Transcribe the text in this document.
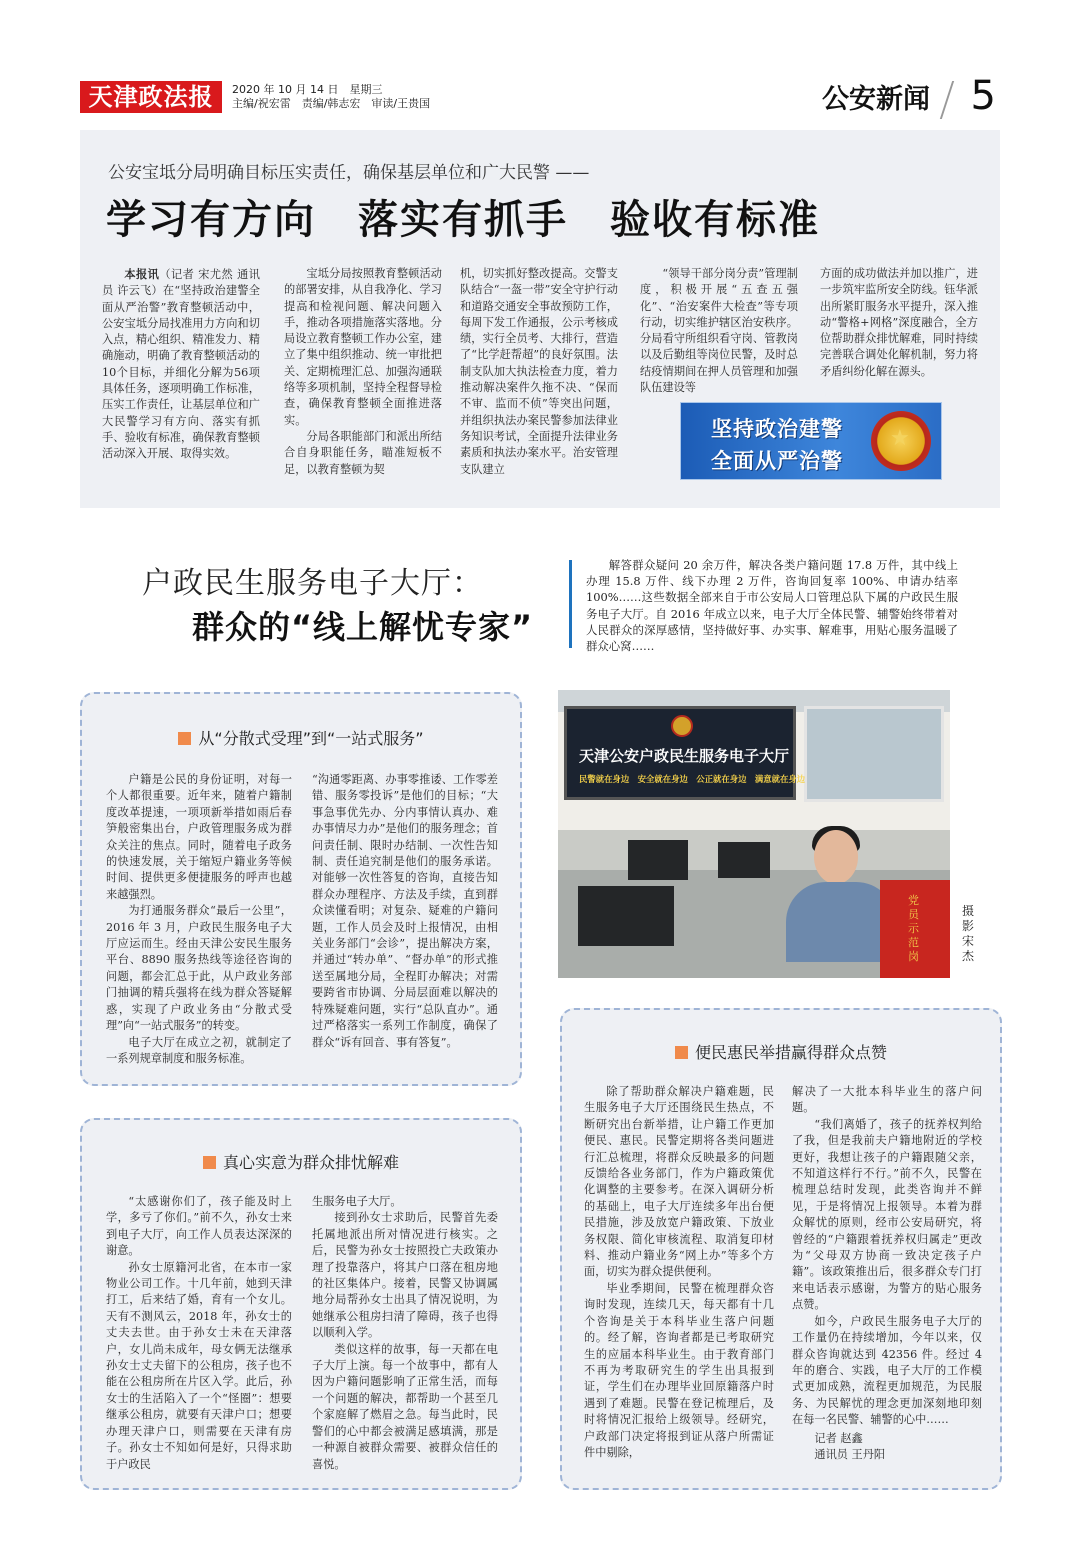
天津政法报	2020 年 10 月 14 日　星期三
主编/祝宏雷　责编/韩志宏　审读/王贵国	公安新闻 5
公安宝坻分局明确目标压实责任，确保基层单位和广大民警 ——
学习有方向　落实有抓手　验收有标准

本报讯（记者 宋尤然 通讯员 许云飞）在“坚持政治建警全面从严治警”教育整顿活动中，公安宝坻分局找准用力方向和切入点，精心组织、精准发力、精确施动，明确了教育整顿活动的10个目标，并细化分解为56项具体任务，逐项明确工作标准，压实工作责任，让基层单位和广大民警学习有方向、落实有抓手、验收有标准，确保教育整顿活动深入开展、取得实效。

宝坻分局按照教育整顿活动的部署安排，从自我净化、学习提高和检视问题、解决问题入手，推动各项措施落实落地。分局设立教育整顿工作办公室，建立了集中组织推动、统一审批把关、定期梳理汇总、加强沟通联络等多项机制，坚持全程督导检查，确保教育整顿全面推进落实。

分局各职能部门和派出所结合自身职能任务，瞄准短板不足，以教育整顿为契

机，切实抓好整改提高。交警支队结合“一盔一带”安全守护行动和道路交通安全事故预防工作，每周下发工作通报，公示考核成绩，实行全员考、大排行，营造了“比学赶帮超”的良好氛围。法制支队加大执法检查力度，着力推动解决案件久拖不决、“保而不审、监而不侦”等突出问题，并组织执法办案民警参加法律业务知识考试，全面提升法律业务素质和执法办案水平。治安管理支队建立

“领导干部分岗分责”管理制度，积极开展“五查五强化”、“治安案件大检查”等专项行动，切实维护辖区治安秩序。分局看守所组织看守岗、管教岗以及后勤组等岗位民警，及时总结疫情期间在押人员管理和加强队伍建设等

方面的成功做法并加以推广，进一步筑牢监所安全防线。钰华派出所紧盯服务水平提升，深入推动“警格+网格”深度融合，全方位帮助群众排忧解难，同时持续完善联合调处化解机制，努力将矛盾纠纷化解在源头。

坚持政治建警
全面从严治警
★
户政民生服务电子大厅：
群众的“线上解忧专家”

解答群众疑问 20 余万件，解决各类户籍问题 17.8 万件，其中线上办理 15.8 万件、线下办理 2 万件，咨询回复率 100%、申请办结率 100%……这些数据全部来自于市公安局人口管理总队下属的户政民生服务电子大厅。自 2016 年成立以来，电子大厅全体民警、辅警始终带着对人民群众的深厚感情，坚持做好事、办实事、解难事，用贴心服务温暖了群众心窝……

从“分散式受理”到“一站式服务”

户籍是公民的身份证明，对每一个人都很重要。近年来，随着户籍制度改革提速，一项项新举措如雨后春笋般密集出台，户政管理服务成为群众关注的焦点。同时，随着电子政务的快速发展，关于缩短户籍业务等候时间、提供更多便捷服务的呼声也越来越强烈。

为打通服务群众“最后一公里”，2016 年 3 月，户政民生服务电子大厅应运而生。经由天津公安民生服务平台、8890 服务热线等途径咨询的问题，都会汇总于此，从户政业务部门抽调的精兵强将在线为群众答疑解惑，实现了户政业务由“分散式受理”向“一站式服务”的转变。

电子大厅在成立之初，就制定了一系列规章制度和服务标准。

“沟通零距离、办事零推诿、工作零差错、服务零投诉”是他们的目标；“大事急事优先办、分内事情认真办、难办事情尽力办”是他们的服务理念；首问责任制、限时办结制、一次性告知制、责任追究制是他们的服务承诺。对能够一次性答复的咨询，直接告知群众办理程序、方法及手续，直到群众读懂看明；对复杂、疑难的户籍问题，工作人员会及时上报情况，由相关业务部门“会诊”，提出解决方案，并通过“转办单”、“督办单”的形式推送至属地分局，全程盯办解决；对需要跨省市协调、分局层面难以解决的特殊疑难问题，实行“总队直办”。通过严格落实一系列工作制度，确保了群众“诉有回音、事有答复”。

天津公安户政民生服务电子大厅
民警就在身边　安全就在身边　公正就在身边　满意就在身边
党员示范岗
摄影　宋杰
真心实意为群众排忧解难

“太感谢你们了，孩子能及时上学，多亏了你们。”前不久，孙女士来到电子大厅，向工作人员表达深深的谢意。

孙女士原籍河北省，在本市一家物业公司工作。十几年前，她到天津打工，后来结了婚，育有一个女儿。天有不测风云，2018 年，孙女士的丈夫去世。由于孙女士未在天津落户，女儿尚未成年，母女俩无法继承孙女士丈夫留下的公租房，孩子也不能在公租房所在片区入学。此后，孙女士的生活陷入了一个“怪圈”：想要继承公租房，就要有天津户口；想要办理天津户口，则需要在天津有房子。孙女士不知如何是好，只得求助于户政民

生服务电子大厅。

接到孙女士求助后，民警首先委托属地派出所对情况进行核实。之后，民警为孙女士按照投亡夫政策办理了投靠落户，将其户口落在租房地的社区集体户。接着，民警又协调属地分局帮孙女士出具了情况说明，为她继承公租房扫清了障碍，孩子也得以顺利入学。

类似这样的故事，每一天都在电子大厅上演。每一个故事中，都有人因为户籍问题影响了正常生活，而每一个问题的解决，都帮助一个甚至几个家庭解了燃眉之急。每当此时，民警们的心中都会被满足感填满，那是一种源自被群众需要、被群众信任的喜悦。

便民惠民举措赢得群众点赞

除了帮助群众解决户籍难题，民生服务电子大厅还围绕民生热点，不断研究出台新举措，让户籍工作更加便民、惠民。民警定期将各类问题进行汇总梳理，将群众反映最多的问题反馈给各业务部门，作为户籍政策优化调整的主要参考。在深入调研分析的基础上，电子大厅连续多年出台便民措施，涉及放宽户籍政策、下放业务权限、简化审核流程、取消复印材料、推动户籍业务“网上办”等多个方面，切实为群众提供便利。

毕业季期间，民警在梳理群众咨询时发现，连续几天，每天都有十几个咨询是关于本科毕业生落户问题的。经了解，咨询者都是已考取研究生的应届本科毕业生。由于教育部门不再为考取研究生的学生出具报到证，学生们在办理毕业回原籍落户时遇到了难题。民警在登记梳理后，及时将情况汇报给上级领导。经研究，户政部门决定将报到证从落户所需证件中剔除，

解决了一大批本科毕业生的落户问题。

“我们离婚了，孩子的抚养权判给了我，但是我前夫户籍地附近的学校更好，我想让孩子的户籍跟随父亲，不知道这样行不行。”前不久，民警在梳理总结时发现，此类咨询并不鲜见，于是将情况上报领导。本着为群众解忧的原则，经市公安局研究，将曾经的“户籍跟着抚养权归属走”更改为“父母双方协商一致决定孩子户籍”。该政策推出后，很多群众专门打来电话表示感谢，为警方的贴心服务点赞。

如今，户政民生服务电子大厅的工作量仍在持续增加，今年以来，仅群众咨询就达到 42356 件。经过 4 年的磨合、实践，电子大厅的工作模式更加成熟，流程更加规范，为民服务、为民解忧的理念更加深刻地印刻在每一名民警、辅警的心中……

记者 赵鑫

通讯员 王丹阳
